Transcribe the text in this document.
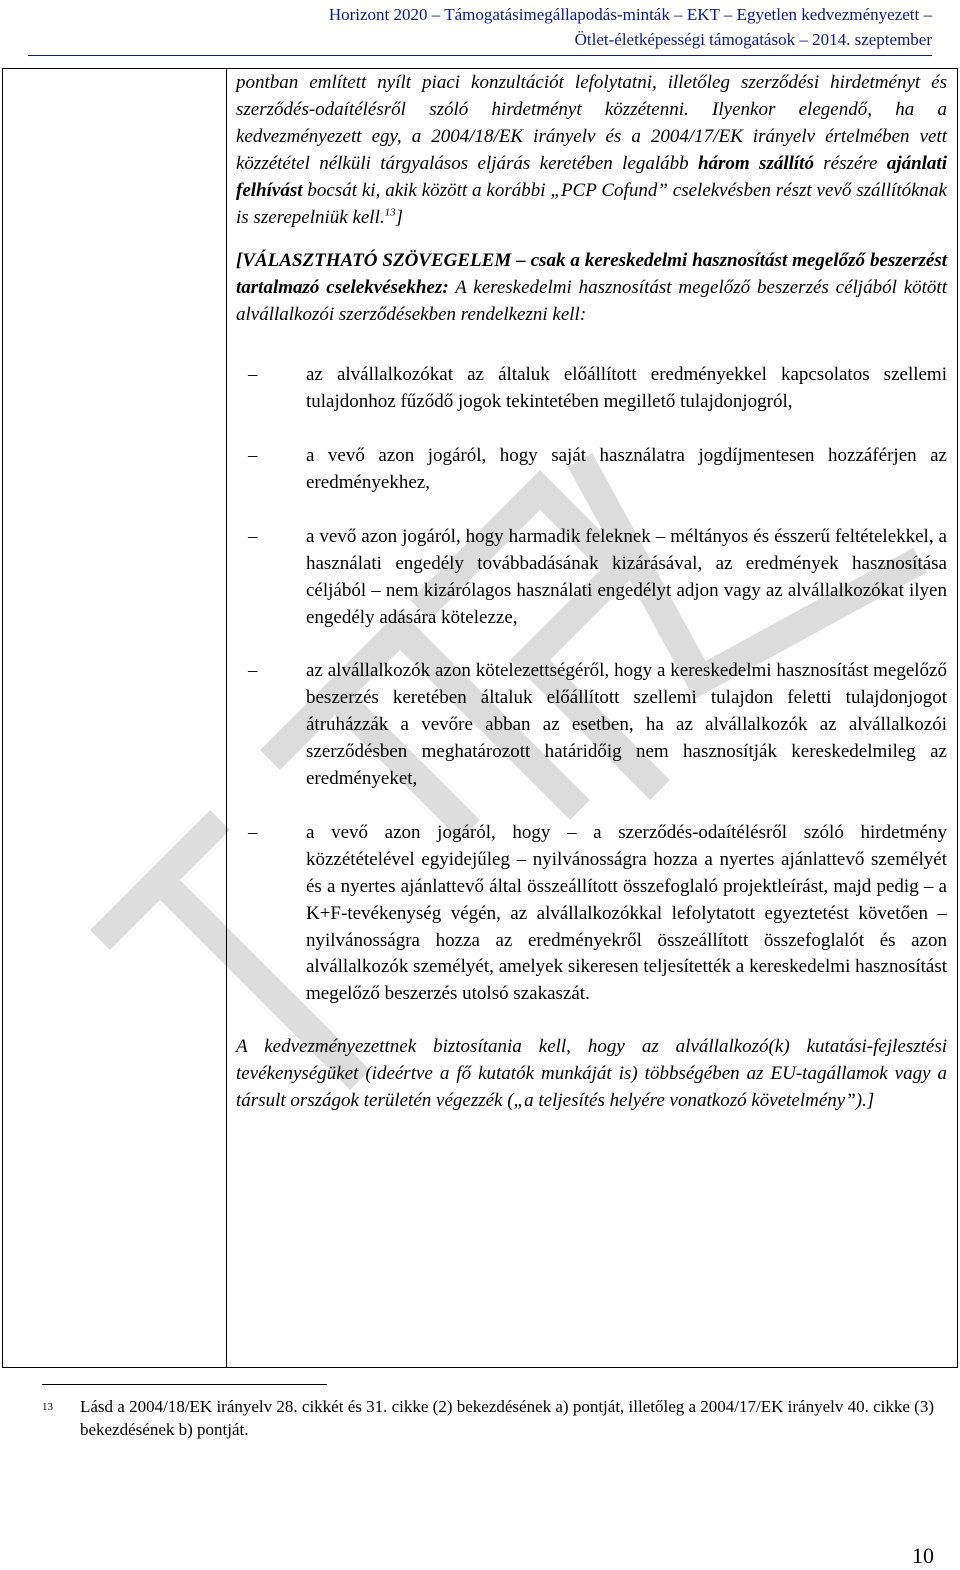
Horizont 2020 – Támogatásimegállapodás-minták – EKT – Egyetlen kedvezményezett –
Ötlet-életképességi támogatások – 2014. szeptember

pontban említett nyílt piaci konzultációt lefolytatni, illetőleg szerződési hirdetményt és szerződés-odaítélésről szóló hirdetményt közzétenni. Ilyenkor elegendő, ha a kedvezményezett egy, a 2004/18/EK irányelv és a 2004/17/EK irányelv értelmében vett közzététel nélküli tárgyalásos eljárás keretében legalább három szállító részére ajánlati felhívást bocsát ki, akik között a korábbi „PCP Cofund” cselekvésben részt vevő szállítóknak is szerepelniük kell.$^{13}$]

[VÁLASZTHATÓ SZÖVEGELEM – csak a kereskedelmi hasznosítást megelőző beszerzést tartalmazó cselekvésekhez: A kereskedelmi hasznosítást megelőző beszerzés céljából kötött alvállalkozói szerződésekben rendelkezni kell:

–	az alvállalkozókat az általuk előállított eredményekkel kapcsolatos szellemi tulajdonhoz fűződő jogok tekintetében megillető tulajdonjogról,
–	a vevő azon jogáról, hogy saját használatra jogdíjmentesen hozzáférjen az eredményekhez,
–	a vevő azon jogáról, hogy harmadik feleknek – méltányos és ésszerű feltételekkel, a használati engedély továbbadásának kizárásával, az eredmények hasznosítása céljából – nem kizárólagos használati engedélyt adjon vagy az alvállalkozókat ilyen engedély adására kötelezze,
–	az alvállalkozók azon kötelezettségéről, hogy a kereskedelmi hasznosítást megelőző beszerzés keretében általuk előállított szellemi tulajdon feletti tulajdonjogot átruházzák a vevőre abban az esetben, ha az alvállalkozók az alvállalkozói szerződésben meghatározott határidőig nem hasznosítják kereskedelmileg az eredményeket,
–	a vevő azon jogáról, hogy – a szerződés-odaítélésről szóló hirdetmény közzétételével egyidejűleg – nyilvánosságra hozza a nyertes ajánlattevő személyét és a nyertes ajánlattevő által összeállított összefoglaló projektleírást, majd pedig – a K+F-tevékenység végén, az alvállalkozókkal lefolytatott egyeztetést követően – nyilvánosságra hozza az eredményekről összeállított összefoglalót és azon alvállalkozók személyét, amelyek sikeresen teljesítették a kereskedelmi hasznosítást megelőző beszerzés utolsó szakaszát.

A kedvezményezettnek biztosítania kell, hogy az alvállalkozó(k) kutatási-fejlesztési tevékenységüket (ideértve a fő kutatók munkáját is) többségében az EU-tagállamok vagy a társult országok területén végezzék („a teljesítés helyére vonatkozó követelmény”).]

13 Lásd a 2004/18/EK irányelv 28. cikkét és 31. cikke (2) bekezdésének a) pontját, illetőleg a 2004/17/EK irányelv 40. cikke (3) bekezdésének b) pontját.
10
